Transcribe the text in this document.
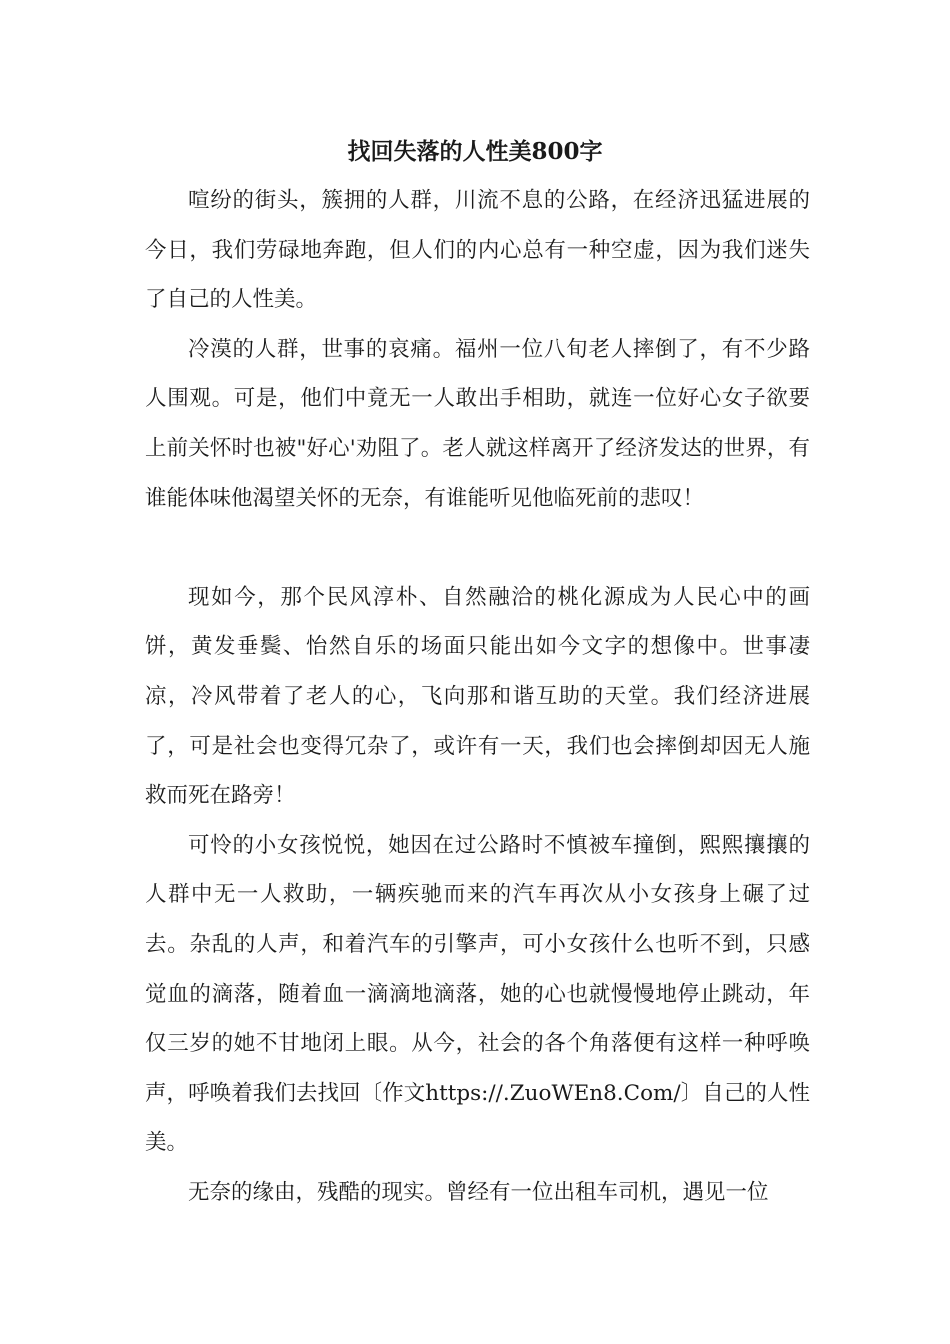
找回失落的人性美800字

喧纷的街头，簇拥的人群，川流不息的公路，在经济迅猛进展的今日，我们劳碌地奔跑，但人们的内心总有一种空虚，因为我们迷失了自己的人性美。

冷漠的人群，世事的哀痛。福州一位八旬老人摔倒了，有不少路人围观。可是，他们中竟无一人敢出手相助，就连一位好心女子欲要上前关怀时也被"好心'劝阻了。老人就这样离开了经济发达的世界，有谁能体味他渴望关怀的无奈，有谁能听见他临死前的悲叹！

现如今，那个民风淳朴、自然融洽的桃化源成为人民心中的画饼，黄发垂鬓、怡然自乐的场面只能出如今文字的想像中。世事凄凉，冷风带着了老人的心，飞向那和谐互助的天堂。我们经济进展了，可是社会也变得冗杂了，或许有一天，我们也会摔倒却因无人施救而死在路旁！

可怜的小女孩悦悦，她因在过公路时不慎被车撞倒，熙熙攘攘的人群中无一人救助，一辆疾驰而来的汽车再次从小女孩身上碾了过去。杂乱的人声，和着汽车的引擎声，可小女孩什么也听不到，只感觉血的滴落，随着血一滴滴地滴落，她的心也就慢慢地停止跳动，年仅三岁的她不甘地闭上眼。从今，社会的各个角落便有这样一种呼唤声，呼唤着我们去找回〔作文https://.ZuoWEn8.Com/〕自己的人性美。

无奈的缘由，残酷的现实。曾经有一位出租车司机，遇见一位
